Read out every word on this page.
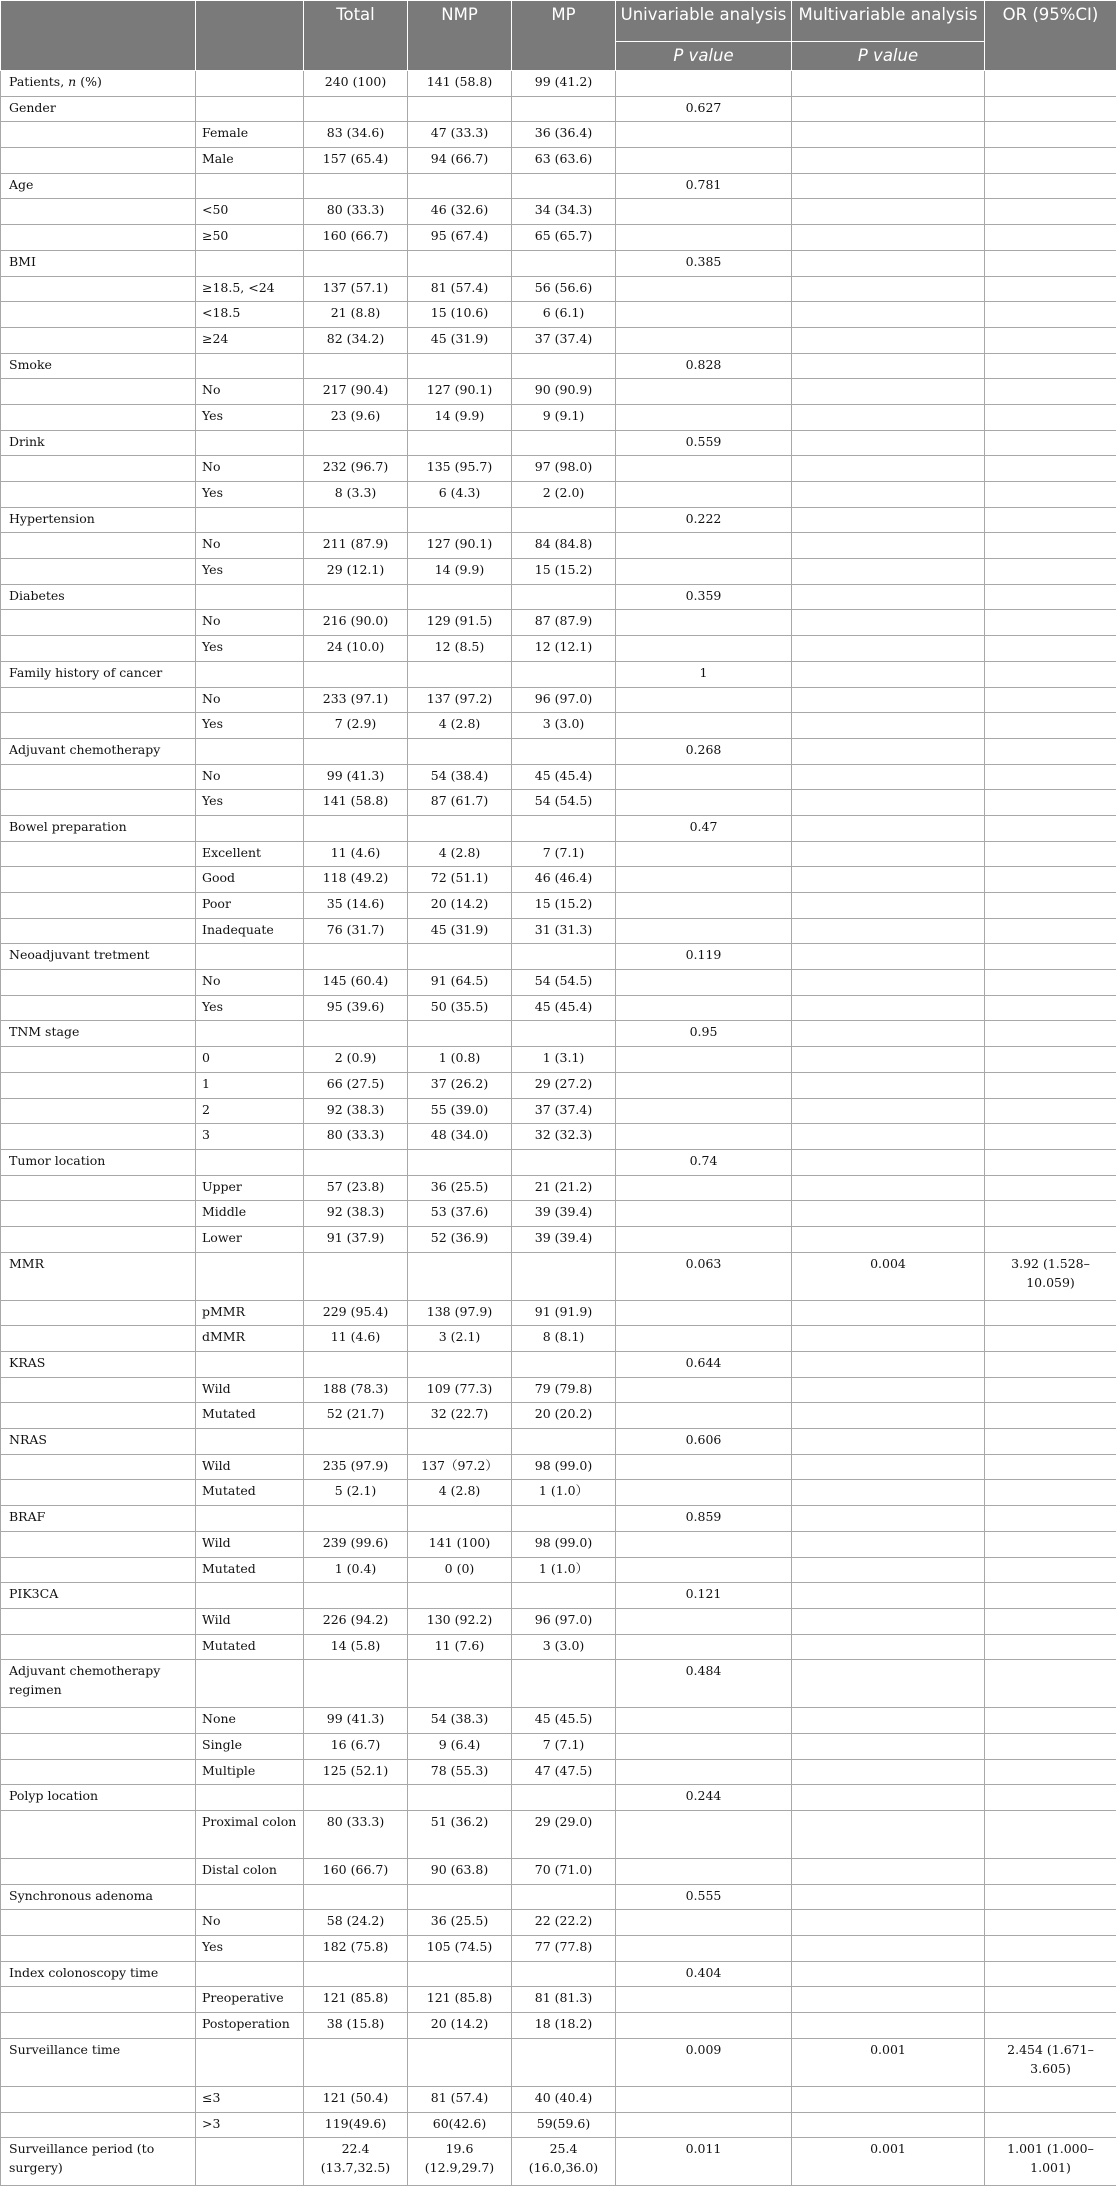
		Total	NMP	MP	Univariable analysis	Multivariable analysis	OR (95%CI)
					P value	P value	
Patients, n (%)		240 (100)	141 (58.8)	99 (41.2)			
Gender					0.627		
	Female	83 (34.6)	47 (33.3)	36 (36.4)			
	Male	157 (65.4)	94 (66.7)	63 (63.6)			
Age					0.781		
	<50	80 (33.3)	46 (32.6)	34 (34.3)			
	≥50	160 (66.7)	95 (67.4)	65 (65.7)			
BMI					0.385		
	≥18.5, <24	137 (57.1)	81 (57.4)	56 (56.6)			
	<18.5	21 (8.8)	15 (10.6)	6 (6.1)			
	≥24	82 (34.2)	45 (31.9)	37 (37.4)			
Smoke					0.828		
	No	217 (90.4)	127 (90.1)	90 (90.9)			
	Yes	23 (9.6)	14 (9.9)	9 (9.1)			
Drink					0.559		
	No	232 (96.7)	135 (95.7)	97 (98.0)			
	Yes	8 (3.3)	6 (4.3)	2 (2.0)			
Hypertension					0.222		
	No	211 (87.9)	127 (90.1)	84 (84.8)			
	Yes	29 (12.1)	14 (9.9)	15 (15.2)			
Diabetes					0.359		
	No	216 (90.0)	129 (91.5)	87 (87.9)			
	Yes	24 (10.0)	12 (8.5)	12 (12.1)			
Family history of cancer					1		
	No	233 (97.1)	137 (97.2)	96 (97.0)			
	Yes	7 (2.9)	4 (2.8)	3 (3.0)			
Adjuvant chemotherapy					0.268		
	No	99 (41.3)	54 (38.4)	45 (45.4)			
	Yes	141 (58.8)	87 (61.7)	54 (54.5)			
Bowel preparation					0.47		
	Excellent	11 (4.6)	4 (2.8)	7 (7.1)			
	Good	118 (49.2)	72 (51.1)	46 (46.4)			
	Poor	35 (14.6)	20 (14.2)	15 (15.2)			
	Inadequate	76 (31.7)	45 (31.9)	31 (31.3)			
Neoadjuvant tretment					0.119		
	No	145 (60.4)	91 (64.5)	54 (54.5)			
	Yes	95 (39.6)	50 (35.5)	45 (45.4)			
TNM stage					0.95		
	0	2 (0.9)	1 (0.8)	1 (3.1)			
	1	66 (27.5)	37 (26.2)	29 (27.2)			
	2	92 (38.3)	55 (39.0)	37 (37.4)			
	3	80 (33.3)	48 (34.0)	32 (32.3)			
Tumor location					0.74		
	Upper	57 (23.8)	36 (25.5)	21 (21.2)			
	Middle	92 (38.3)	53 (37.6)	39 (39.4)			
	Lower	91 (37.9)	52 (36.9)	39 (39.4)			
MMR					0.063	0.004	3.92 (1.528–10.059)
	pMMR	229 (95.4)	138 (97.9)	91 (91.9)			
	dMMR	11 (4.6)	3 (2.1)	8 (8.1)			
KRAS					0.644		
	Wild	188 (78.3)	109 (77.3)	79 (79.8)			
	Mutated	52 (21.7)	32 (22.7)	20 (20.2)			
NRAS					0.606		
	Wild	235 (97.9)	137（97.2）	98 (99.0)			
	Mutated	5 (2.1)	4 (2.8)	1 (1.0）			
BRAF					0.859		
	Wild	239 (99.6)	141 (100)	98 (99.0)			
	Mutated	1 (0.4)	0 (0)	1 (1.0）			
PIK3CA					0.121		
	Wild	226 (94.2)	130 (92.2)	96 (97.0)			
	Mutated	14 (5.8)	11 (7.6)	3 (3.0)			
Adjuvant chemotherapy regimen					0.484		
	None	99 (41.3)	54 (38.3)	45 (45.5)			
	Single	16 (6.7)	9 (6.4)	7 (7.1)			
	Multiple	125 (52.1)	78 (55.3)	47 (47.5)			
Polyp location					0.244		
	Proximal colon	80 (33.3)	51 (36.2)	29 (29.0)			
	Distal colon	160 (66.7)	90 (63.8)	70 (71.0)			
Synchronous adenoma					0.555		
	No	58 (24.2)	36 (25.5)	22 (22.2)			
	Yes	182 (75.8)	105 (74.5)	77 (77.8)			
Index colonoscopy time					0.404		
	Preoperative	121 (85.8)	121 (85.8)	81 (81.3)			
	Postoperation	38 (15.8)	20 (14.2)	18 (18.2)			
Surveillance time					0.009	0.001	2.454 (1.671–3.605)
	≤3	121 (50.4)	81 (57.4)	40 (40.4)			
	>3	119(49.6)	60(42.6)	59(59.6)			
Surveillance period (to surgery)		22.4 (13.7,32.5)	19.6 (12.9,29.7)	25.4 (16.0,36.0)	0.011	0.001	1.001 (1.000–1.001)
